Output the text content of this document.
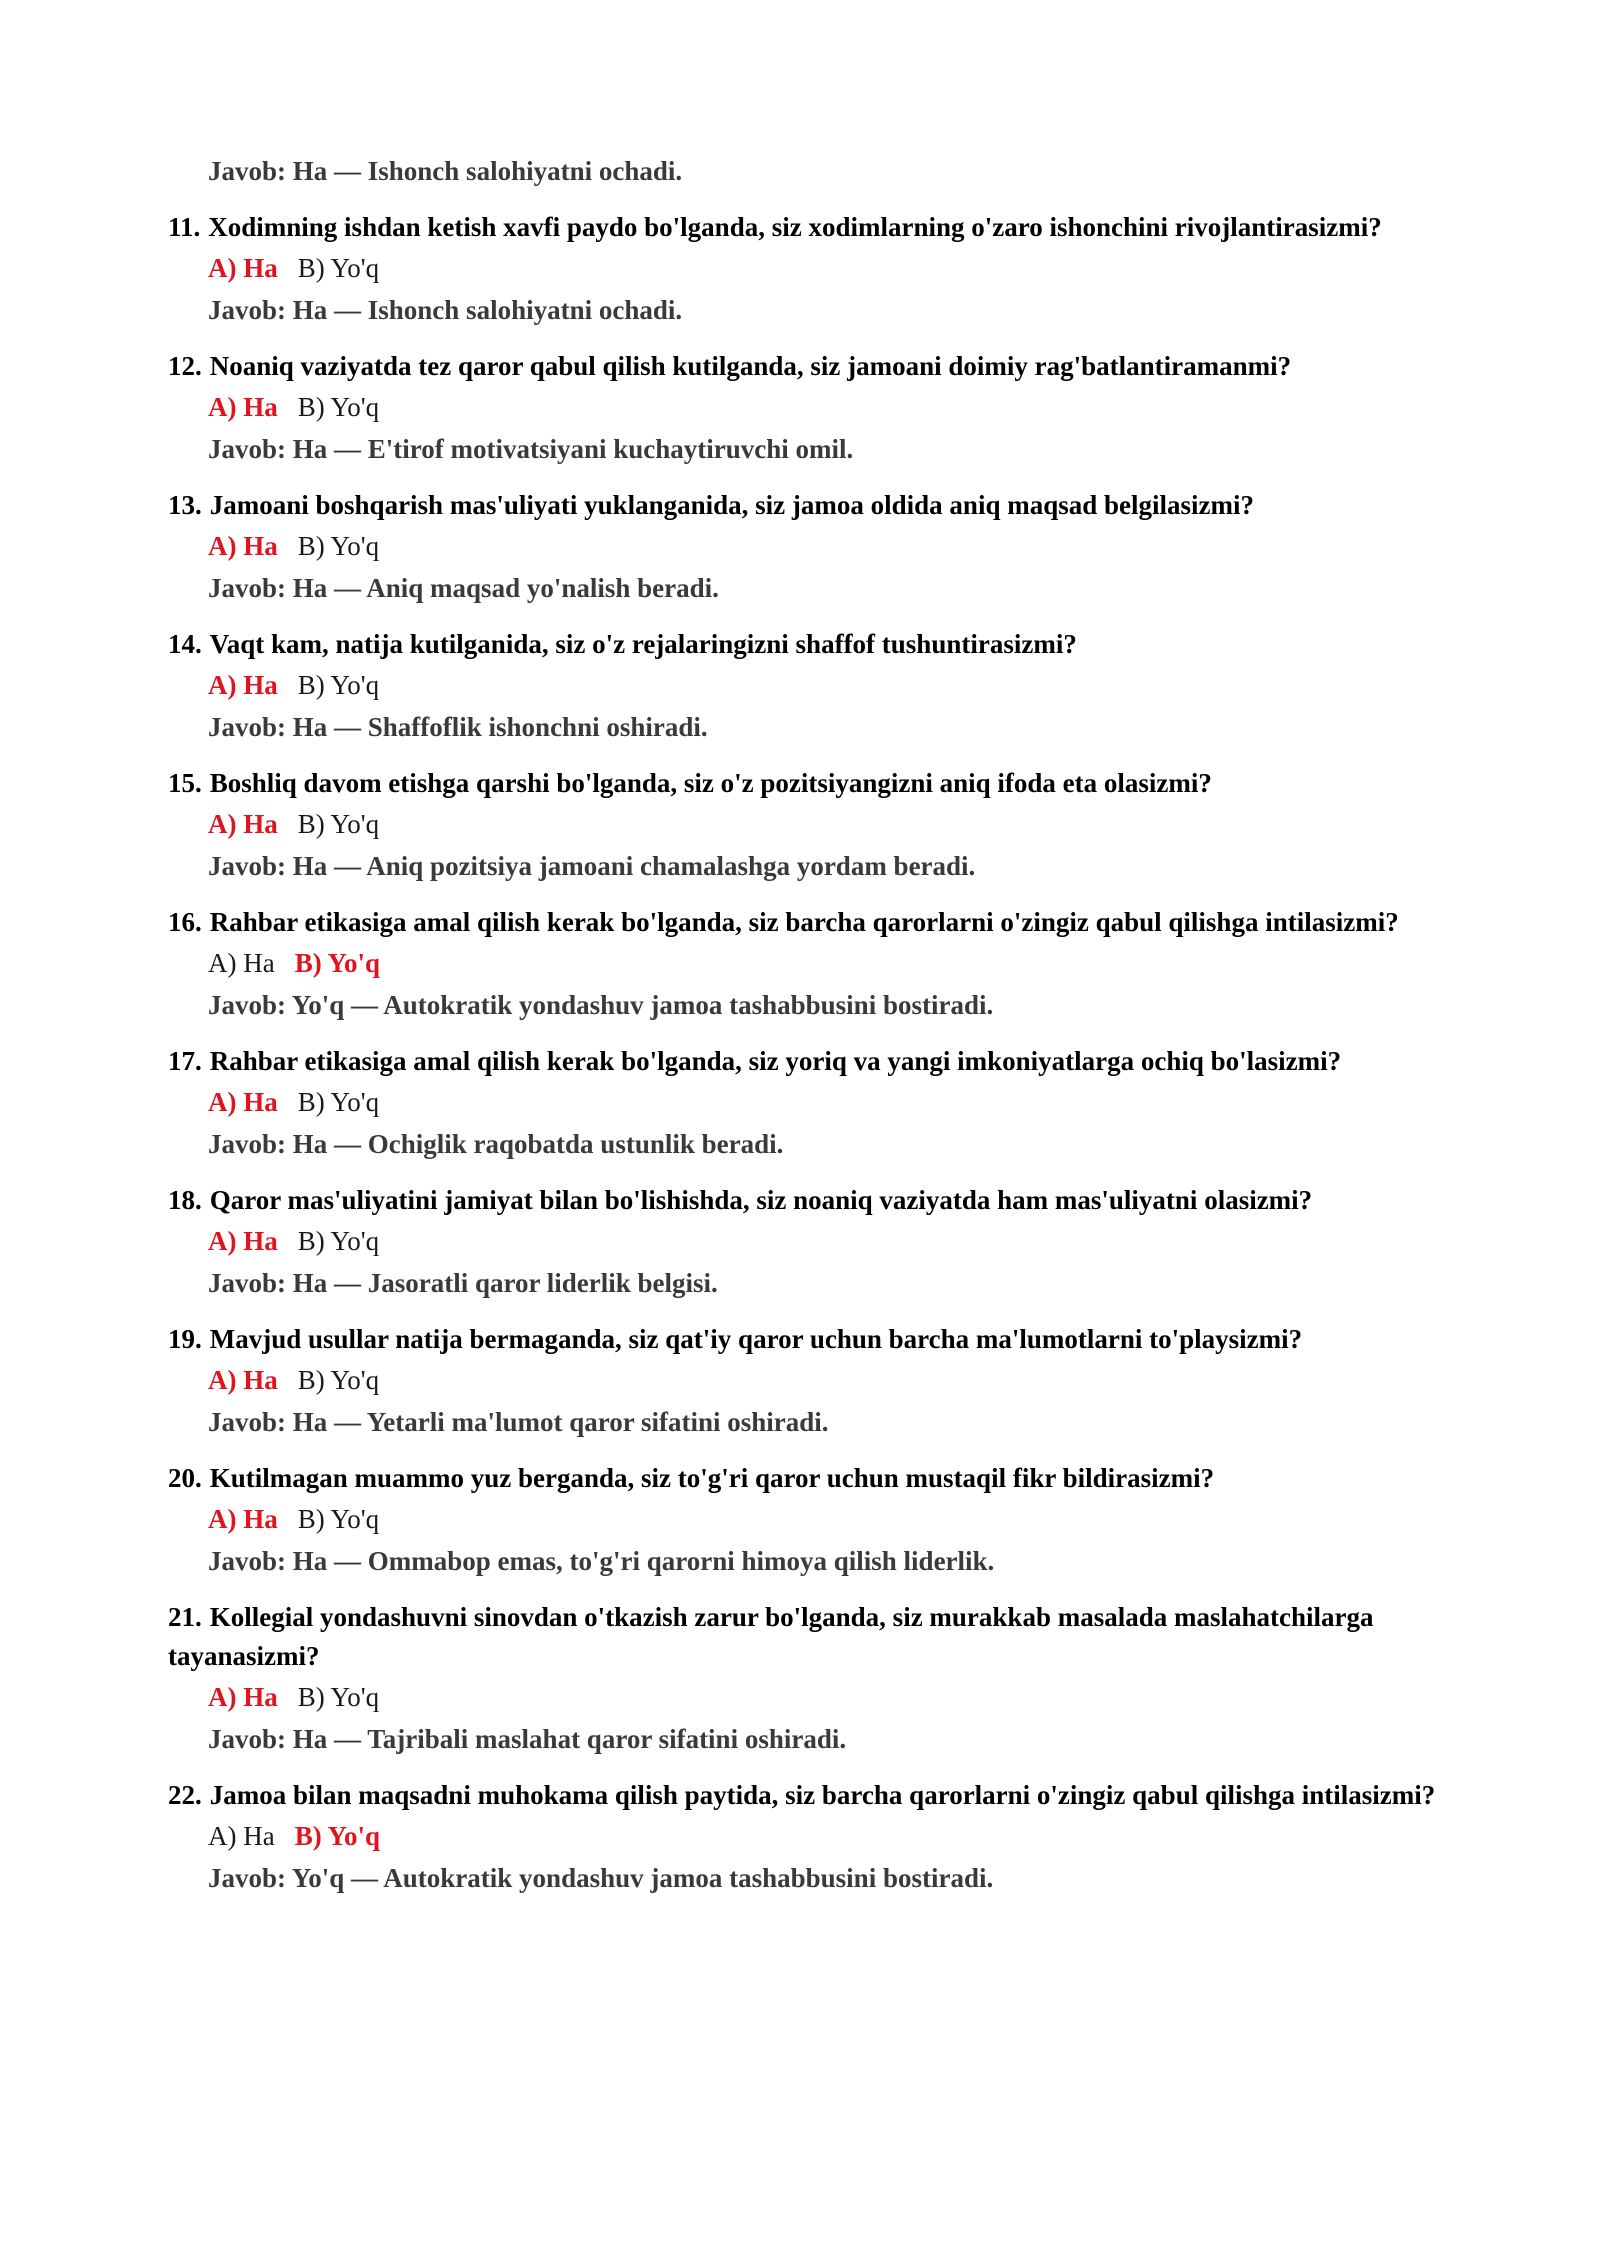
Javob: Ha — Ishonch salohiyatni ochadi.
11. Xodimning ishdan ketish xavfi paydo bo'lganda, siz xodimlarning o'zaro ishonchini rivojlantirasizmi?
A) Ha B) Yo'q
Javob: Ha — Ishonch salohiyatni ochadi.
12. Noaniq vaziyatda tez qaror qabul qilish kutilganda, siz jamoani doimiy rag'batlantiramanmi?
A) Ha B) Yo'q
Javob: Ha — E'tirof motivatsiyani kuchaytiruvchi omil.
13. Jamoani boshqarish mas'uliyati yuklanganida, siz jamoa oldida aniq maqsad belgilasizmi?
A) Ha B) Yo'q
Javob: Ha — Aniq maqsad yo'nalish beradi.
14. Vaqt kam, natija kutilganida, siz o'z rejalaringizni shaffof tushuntirasizmi?
A) Ha B) Yo'q
Javob: Ha — Shaffoflik ishonchni oshiradi.
15. Boshliq davom etishga qarshi bo'lganda, siz o'z pozitsiyangizni aniq ifoda eta olasizmi?
A) Ha B) Yo'q
Javob: Ha — Aniq pozitsiya jamoani chamalashga yordam beradi.
16. Rahbar etikasiga amal qilish kerak bo'lganda, siz barcha qarorlarni o'zingiz qabul qilishga intilasizmi?
A) Ha B) Yo'q
Javob: Yo'q — Autokratik yondashuv jamoa tashabbusini bostiradi.
17. Rahbar etikasiga amal qilish kerak bo'lganda, siz yoriq va yangi imkoniyatlarga ochiq bo'lasizmi?
A) Ha B) Yo'q
Javob: Ha — Ochiglik raqobatda ustunlik beradi.
18. Qaror mas'uliyatini jamiyat bilan bo'lishishda, siz noaniq vaziyatda ham mas'uliyatni olasizmi?
A) Ha B) Yo'q
Javob: Ha — Jasoratli qaror liderlik belgisi.
19. Mavjud usullar natija bermaganda, siz qat'iy qaror uchun barcha ma'lumotlarni to'playsizmi?
A) Ha B) Yo'q
Javob: Ha — Yetarli ma'lumot qaror sifatini oshiradi.
20. Kutilmagan muammo yuz berganda, siz to'g'ri qaror uchun mustaqil fikr bildirasizmi?
A) Ha B) Yo'q
Javob: Ha — Ommabop emas, to'g'ri qarorni himoya qilish liderlik.
21. Kollegial yondashuvni sinovdan o'tkazish zarur bo'lganda, siz murakkab masalada maslahatchilarga tayanasizmi?
A) Ha B) Yo'q
Javob: Ha — Tajribali maslahat qaror sifatini oshiradi.
22. Jamoa bilan maqsadni muhokama qilish paytida, siz barcha qarorlarni o'zingiz qabul qilishga intilasizmi?
A) Ha B) Yo'q
Javob: Yo'q — Autokratik yondashuv jamoa tashabbusini bostiradi.
